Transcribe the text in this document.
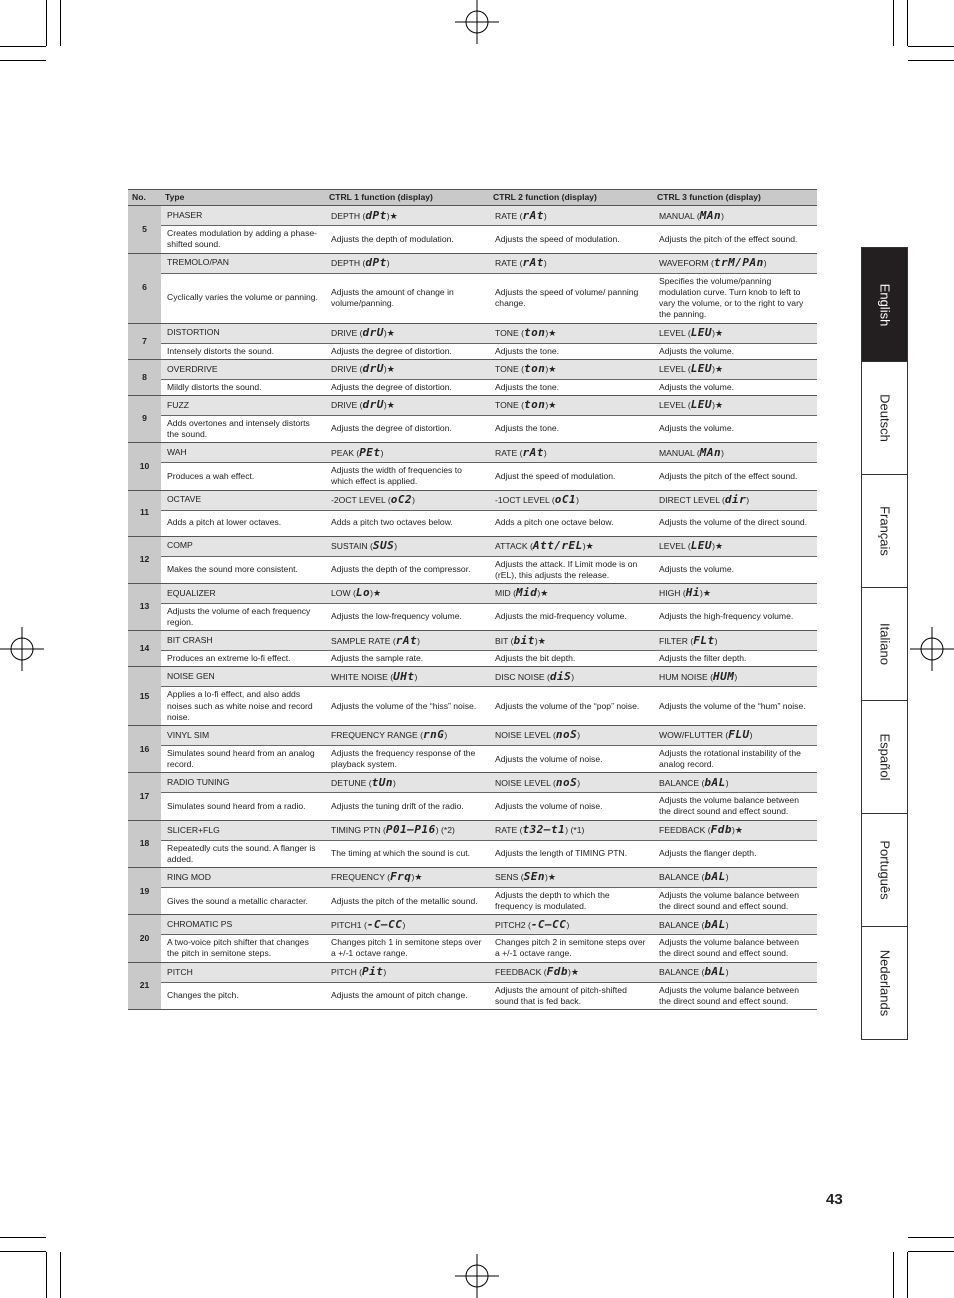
No.	Type	CTRL 1 function (display)	CTRL 2 function (display)	CTRL 3 function (display)
5	PHASER	DEPTH (dPt)★	RATE (rAt)	MANUAL (MAn)
	Creates modulation by adding a phase-shifted sound.	Adjusts the depth of modulation.	Adjusts the speed of modulation.	Adjusts the pitch of the effect sound.
6	TREMOLO/PAN	DEPTH (dPt)	RATE (rAt)	WAVEFORM (trM/PAn)
	Cyclically varies the volume or panning.	Adjusts the amount of change in volume/panning.	Adjusts the speed of volume/ panning change.	Specifies the volume/panning modulation curve. Turn knob to left to vary the volume, or to the right to vary the panning.
7	DISTORTION	DRIVE (drU)★	TONE (ton)★	LEVEL (LEU)★
	Intensely distorts the sound.	Adjusts the degree of distortion.	Adjusts the tone.	Adjusts the volume.
8	OVERDRIVE	DRIVE (drU)★	TONE (ton)★	LEVEL (LEU)★
	Mildly distorts the sound.	Adjusts the degree of distortion.	Adjusts the tone.	Adjusts the volume.
9	FUZZ	DRIVE (drU)★	TONE (ton)★	LEVEL (LEU)★
	Adds overtones and intensely distorts the sound.	Adjusts the degree of distortion.	Adjusts the tone.	Adjusts the volume.
10	WAH	PEAK (PEt)	RATE (rAt)	MANUAL (MAn)
	Produces a wah effect.	Adjusts the width of frequencies to which effect is applied.	Adjust the speed of modulation.	Adjusts the pitch of the effect sound.
11	OCTAVE	-2OCT LEVEL (oC2)	-1OCT LEVEL (oC1)	DIRECT LEVEL (dir)
	Adds a pitch at lower octaves.	Adds a pitch two octaves below.	Adds a pitch one octave below.	Adjusts the volume of the direct sound.
12	COMP	SUSTAIN (SUS)	ATTACK (Att/rEL)★	LEVEL (LEU)★
	Makes the sound more consistent.	Adjusts the depth of the compressor.	Adjusts the attack. If Limit mode is on (rEL), this adjusts the release.	Adjusts the volume.
13	EQUALIZER	LOW (Lo)★	MID (Mid)★	HIGH (Hi)★
	Adjusts the volume of each frequency region.	Adjusts the low-frequency volume.	Adjusts the mid-frequency volume.	Adjusts the high-frequency volume.
14	BIT CRASH	SAMPLE RATE (rAt)	BIT (bit)★	FILTER (FLt)
	Produces an extreme lo-fi effect.	Adjusts the sample rate.	Adjusts the bit depth.	Adjusts the filter depth.
15	NOISE GEN	WHITE NOISE (UHt)	DISC NOISE (diS)	HUM NOISE (HUM)
	Applies a lo-fi effect, and also adds noises such as white noise and record noise.	Adjusts the volume of the “hiss” noise.	Adjusts the volume of the “pop” noise.	Adjusts the volume of the “hum” noise.
16	VINYL SIM	FREQUENCY RANGE (rnG)	NOISE LEVEL (noS)	WOW/FLUTTER (FLU)
	Simulates sound heard from an analog record.	Adjusts the frequency response of the playback system.	Adjusts the volume of noise.	Adjusts the rotational instability of the analog record.
17	RADIO TUNING	DETUNE (tUn)	NOISE LEVEL (noS)	BALANCE (bAL)
	Simulates sound heard from a radio.	Adjusts the tuning drift of the radio.	Adjusts the volume of noise.	Adjusts the volume balance between the direct sound and effect sound.
18	SLICER+FLG	TIMING PTN (P01–P16) (*2)	RATE (t32–t1) (*1)	FEEDBACK (Fdb)★
	Repeatedly cuts the sound. A flanger is added.	The timing at which the sound is cut.	Adjusts the length of TIMING PTN.	Adjusts the flanger depth.
19	RING MOD	FREQUENCY (Frq)★	SENS (SEn)★	BALANCE (bAL)
	Gives the sound a metallic character.	Adjusts the pitch of the metallic sound.	Adjusts the depth to which the frequency is modulated.	Adjusts the volume balance between the direct sound and effect sound.
20	CHROMATIC PS	PITCH1 (-C–CC)	PITCH2 (-C–CC)	BALANCE (bAL)
	A two-voice pitch shifter that changes the pitch in semitone steps.	Changes pitch 1 in semitone steps over a +/-1 octave range.	Changes pitch 2 in semitone steps over a +/-1 octave range.	Adjusts the volume balance between the direct sound and effect sound.
21	PITCH	PITCH (Pit)	FEEDBACK (Fdb)★	BALANCE (bAL)
	Changes the pitch.	Adjusts the amount of pitch change.	Adjusts the amount of pitch-shifted sound that is fed back.	Adjusts the volume balance between the direct sound and effect sound.
English
Deutsch
Français
Italiano
Español
Português
Nederlands
43
